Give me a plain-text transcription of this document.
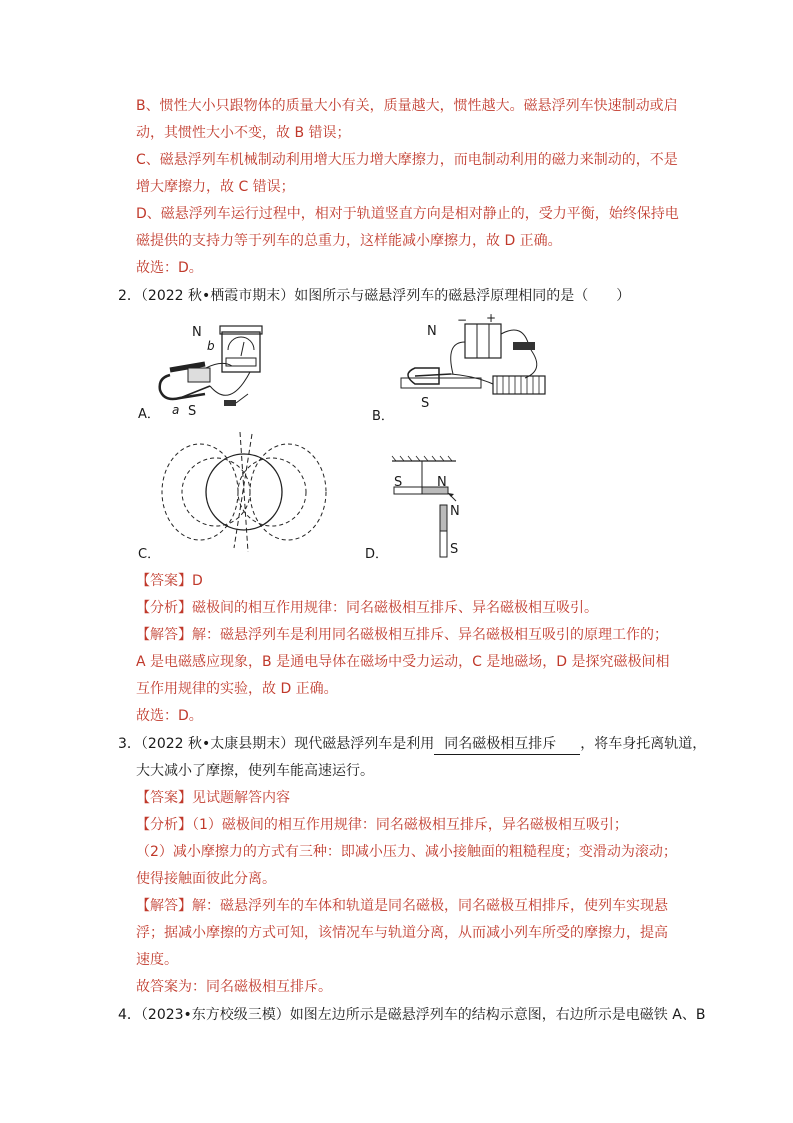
B、惯性大小只跟物体的质量大小有关，质量越大，惯性越大。磁悬浮列车快速制动或启
动，其惯性大小不变，故 B 错误；
C、磁悬浮列车机械制动利用增大压力增大摩擦力，而电制动利用的磁力来制动的，不是
增大摩擦力，故 C 错误；
D、磁悬浮列车运行过程中，相对于轨道竖直方向是相对静止的，受力平衡，始终保持电
磁提供的支持力等于列车的总重力，这样能减小摩擦力，故 D 正确。
故选：D。
2．（2022 秋•栖霞市期末）如图所示与磁悬浮列车的磁悬浮原理相同的是（　　）
N
b
a S
A．
N
S
− +
B．
C．
S	N
N
S
D．
【答案】D
【分析】磁极间的相互作用规律：同名磁极相互排斥、异名磁极相互吸引。
【解答】解：磁悬浮列车是利用同名磁极相互排斥、异名磁极相互吸引的原理工作的；
A 是电磁感应现象，B 是通电导体在磁场中受力运动，C 是地磁场，D 是探究磁极间相
互作用规律的实验，故 D 正确。
故选：D。
3．（2022 秋•太康县期末）现代磁悬浮列车是利用 同名磁极相互排斥 ，将车身托离轨道，
大大减小了摩擦，使列车能高速运行。
【答案】见试题解答内容
【分析】（1）磁极间的相互作用规律：同名磁极相互排斥，异名磁极相互吸引；
（2）减小摩擦力的方式有三种：即减小压力、减小接触面的粗糙程度；变滑动为滚动；
使得接触面彼此分离。
【解答】解：磁悬浮列车的车体和轨道是同名磁极，同名磁极互相排斥，使列车实现悬
浮；据减小摩擦的方式可知，该情况车与轨道分离，从而减小列车所受的摩擦力，提高
速度。
故答案为：同名磁极相互排斥。
4．（2023•东方校级三模）如图左边所示是磁悬浮列车的结构示意图，右边所示是电磁铁 A、B
